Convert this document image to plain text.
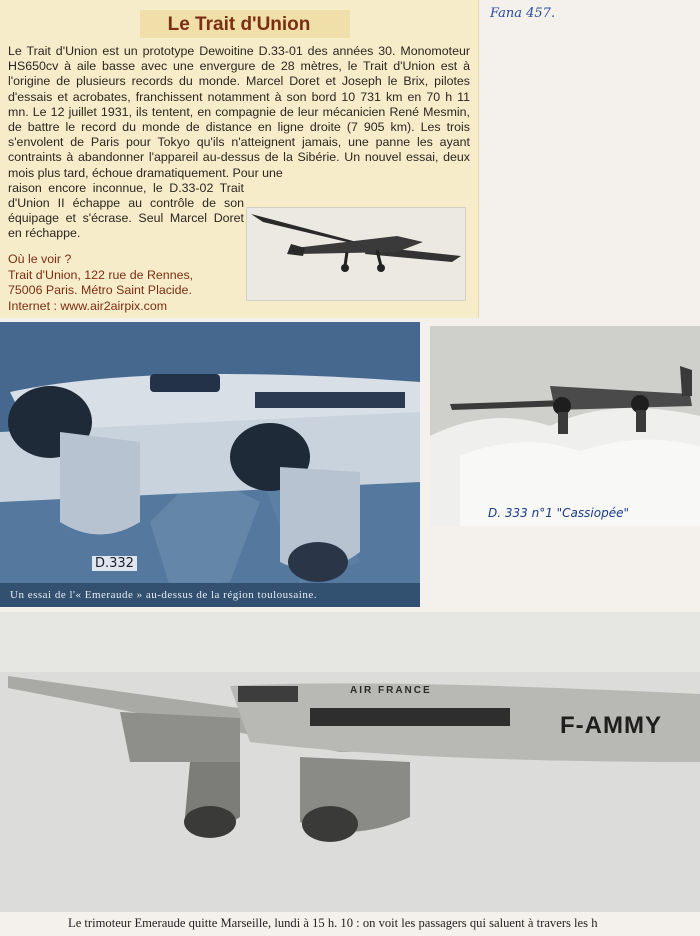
Fana 457.
Le Trait d'Union

Le Trait d'Union est un prototype Dewoitine D.33-01 des années 30. Monomoteur HS650cv à aile basse avec une envergure de 28 mètres, le Trait d'Union est à l'origine de plusieurs records du monde. Marcel Doret et Joseph le Brix, pilotes d'essais et acrobates, franchissent notamment à son bord 10 731 km en 70 h 11 mn. Le 12 juillet 1931, ils tentent, en compagnie de leur mécanicien René Mesmin, de battre le record du monde de distance en ligne droite (7 905 km). Les trois s'envolent de Paris pour Tokyo qu'ils n'atteignent jamais, une panne les ayant contraints à abandonner l'appareil au-dessus de la Sibérie. Un nouvel essai, deux mois plus tard, échoue dramatiquement. Pour une

raison encore inconnue, le D.33-02 Trait d'Union II échappe au contrôle de son équipage et s'écrase. Seul Marcel Doret en réchappe.

Où le voir ?
Trait d'Union, 122 rue de Rennes,
75006 Paris. Métro Saint Placide.
Internet : www.air2airpix.com
Un essai de l'« Emeraude » au-dessus de la région toulousaine.
D.332
D. 333 n°1 "Cassiopée"
AIR FRANCE
F-AMMY
Le trimoteur Emeraude quitte Marseille, lundi à 15 h. 10 : on voit les passagers qui saluent à travers les h
